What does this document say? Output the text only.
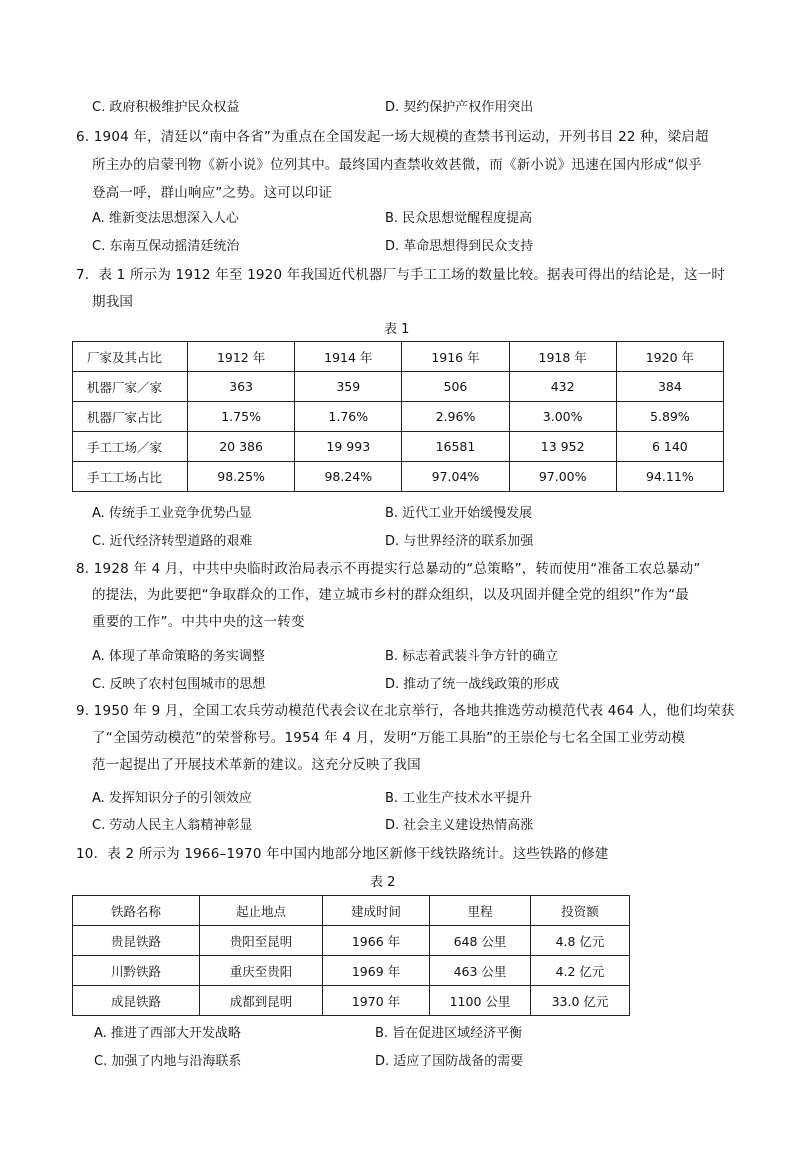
C. 政府积极维护民众权益	D. 契约保护产权作用突出
6. 1904 年，清廷以“南中各省”为重点在全国发起一场大规模的查禁书刊运动，开列书目 22 种，梁启超
所主办的启蒙刊物《新小说》位列其中。最终国内查禁收效甚微，而《新小说》迅速在国内形成“似乎
登高一呼，群山响应”之势。这可以印证
A. 维新变法思想深入人心	B. 民众思想觉醒程度提高
C. 东南互保动摇清廷统治	D. 革命思想得到民众支持
7．表 1 所示为 1912 年至 1920 年我国近代机器厂与手工工场的数量比较。据表可得出的结论是，这一时
期我国
表 1
厂家及其占比	1912 年	1914 年	1916 年	1918 年	1920 年
机器厂家／家	363	359	506	432	384
机器厂家占比	1.75%	1.76%	2.96%	3.00%	5.89%
手工工场／家	20 386	19 993	16581	13 952	6 140
手工工场占比	98.25%	98.24%	97.04%	97.00%	94.11%
A. 传统手工业竞争优势凸显	B. 近代工业开始缓慢发展
C. 近代经济转型道路的艰难	D. 与世界经济的联系加强
8. 1928 年 4 月，中共中央临时政治局表示不再提实行总暴动的“总策略”，转而使用“准备工农总暴动”
的提法，为此要把“争取群众的工作，建立城市乡村的群众组织，以及巩固并健全党的组织”作为“最
重要的工作”。中共中央的这一转变
A. 体现了革命策略的务实调整	B. 标志着武装斗争方针的确立
C. 反映了农村包围城市的思想	D. 推动了统一战线政策的形成
9. 1950 年 9 月，全国工农兵劳动模范代表会议在北京举行，各地共推选劳动模范代表 464 人，他们均荣获
了“全国劳动模范”的荣誉称号。1954 年 4 月，发明“万能工具胎”的王崇伦与七名全国工业劳动模
范一起提出了开展技术革新的建议。这充分反映了我国
A. 发挥知识分子的引领效应	B. 工业生产技术水平提升
C. 劳动人民主人翁精神彰显	D. 社会主义建设热情高涨
10．表 2 所示为 1966–1970 年中国内地部分地区新修干线铁路统计。这些铁路的修建
表 2
铁路名称	起止地点	建成时间	里程	投资额
贵昆铁路	贵阳至昆明	1966 年	648 公里	4.8 亿元
川黔铁路	重庆至贵阳	1969 年	463 公里	4.2 亿元
成昆铁路	成都到昆明	1970 年	1100 公里	33.0 亿元
A. 推进了西部大开发战略	B. 旨在促进区域经济平衡
C. 加强了内地与沿海联系	D. 适应了国防战备的需要
